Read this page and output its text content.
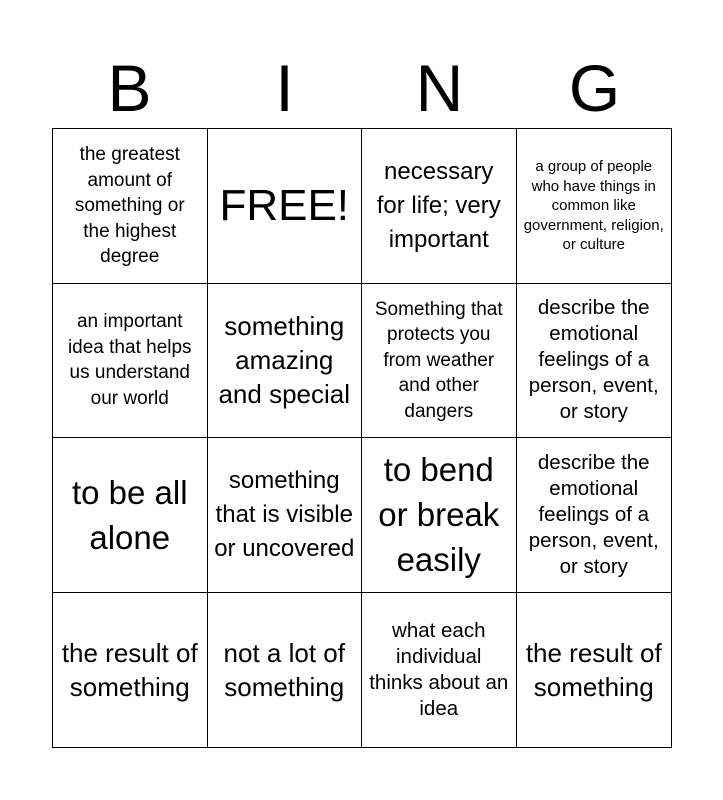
B	I	N	G
the greatest amount of something or the highest degree
FREE!
necessary for life; very important
a group of people who have things in common like government, religion, or culture
an important idea that helps us understand our world
something amazing and special
Something that protects you from weather and other dangers
describe the emotional feelings of a person, event, or story
to be all alone
something that is visible or uncovered
to bend or break easily
describe the emotional feelings of a person, event, or story
the result of something
not a lot of something
what each individual thinks about an idea
the result of something
